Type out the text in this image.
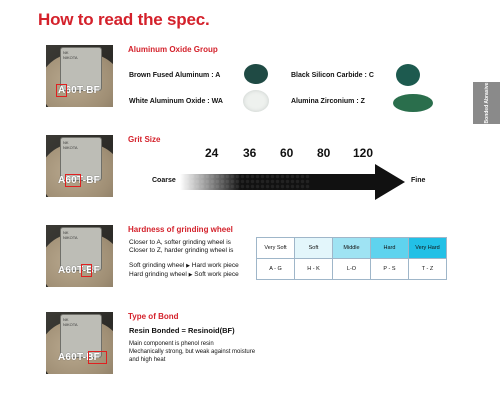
How to read the spec.
Bonded Abrasive
NK
NIKOTA
A60T-BF
Aluminum Oxide Group
Brown Fused Aluminum : A
White Aluminum Oxide : WA
Black Silicon Carbide : C
Alumina Zirconium : Z
NK
NIKOTA
A60T-BF
Grit Size
24 36 60 80 120
Coarse	Fine
NK
NIKOTA
A60T-BF
Hardness of grinding wheel
Closer to A, softer grinding wheel is
Closer to Z, harder grinding wheel is
Soft grinding wheel ▶ Hard work piece
Hard grinding wheel ▶ Soft work piece
Very Soft	Soft	Middle	Hard	Very Hard
A - G	H - K	L-O	P - S	T - Z
NK
NIKOTA
A60T-BF
Type of Bond
Resin Bonded = Resinoid(BF)
Main component is phenol resin
Mechanically strong, but weak against moisture
and high heat
